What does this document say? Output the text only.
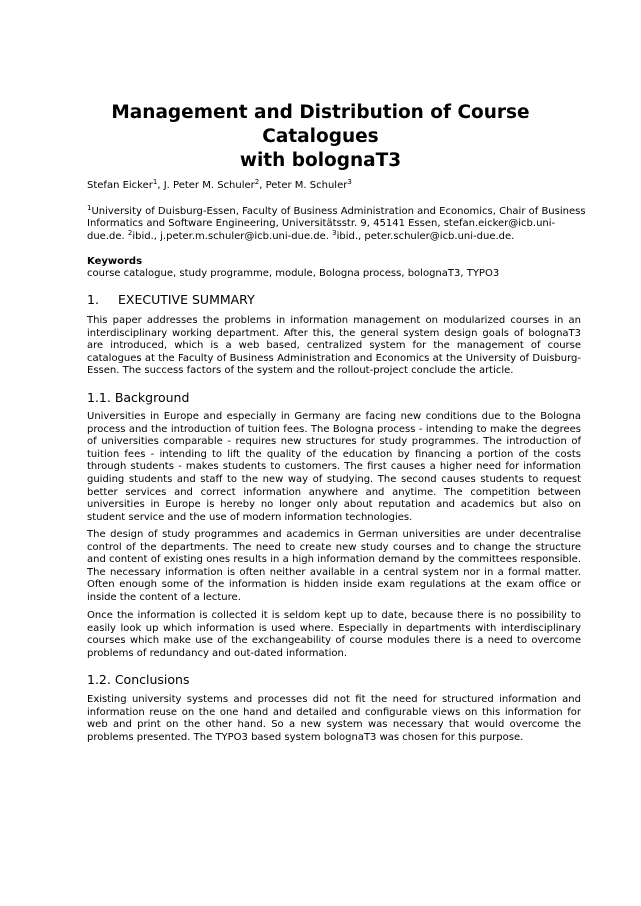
Management and Distribution of Course Catalogues
with bolognaT3
Stefan Eicker$^1$, J. Peter M. Schuler$^2$, Peter M. Schuler$^3$
$^1$University of Duisburg-Essen, Faculty of Business Administration and Economics, Chair of Business Informatics and Software Engineering, Universitätsstr. 9, 45141 Essen, stefan.eicker@icb.uni-due.de. $^2$ibid., j.peter.m.schuler@icb.uni-due.de. $^3$ibid., peter.schuler@icb.uni-due.de.
Keywords
course catalogue, study programme, module, Bologna process, bolognaT3, TYPO3
1. EXECUTIVE SUMMARY
This paper addresses the problems in information management on modularized courses in an interdisciplinary working department. After this, the general system design goals of bolognaT3 are introduced, which is a web based, centralized system for the management of course catalogues at the Faculty of Business Administration and Economics at the University of Duisburg-Essen. The success factors of the system and the rollout-project conclude the article.
1.1. Background
Universities in Europe and especially in Germany are facing new conditions due to the Bologna process and the introduction of tuition fees. The Bologna process - intending to make the degrees of universities comparable - requires new structures for study programmes. The introduction of tuition fees - intending to lift the quality of the education by financing a portion of the costs through students - makes students to customers. The first causes a higher need for information guiding students and staff to the new way of studying. The second causes students to request better services and correct information anywhere and anytime. The competition between universities in Europe is hereby no longer only about reputation and academics but also on student service and the use of modern information technologies.
The design of study programmes and academics in German universities are under decentralise control of the departments. The need to create new study courses and to change the structure and content of existing ones results in a high information demand by the committees responsible. The necessary information is often neither available in a central system nor in a formal matter. Often enough some of the information is hidden inside exam regulations at the exam office or inside the content of a lecture.
Once the information is collected it is seldom kept up to date, because there is no possibility to easily look up which information is used where. Especially in departments with interdisciplinary courses which make use of the exchangeability of course modules there is a need to overcome problems of redundancy and out-dated information.
1.2. Conclusions
Existing university systems and processes did not fit the need for structured information and information reuse on the one hand and detailed and configurable views on this information for web and print on the other hand. So a new system was necessary that would overcome the problems presented. The TYPO3 based system bolognaT3 was chosen for this purpose.
